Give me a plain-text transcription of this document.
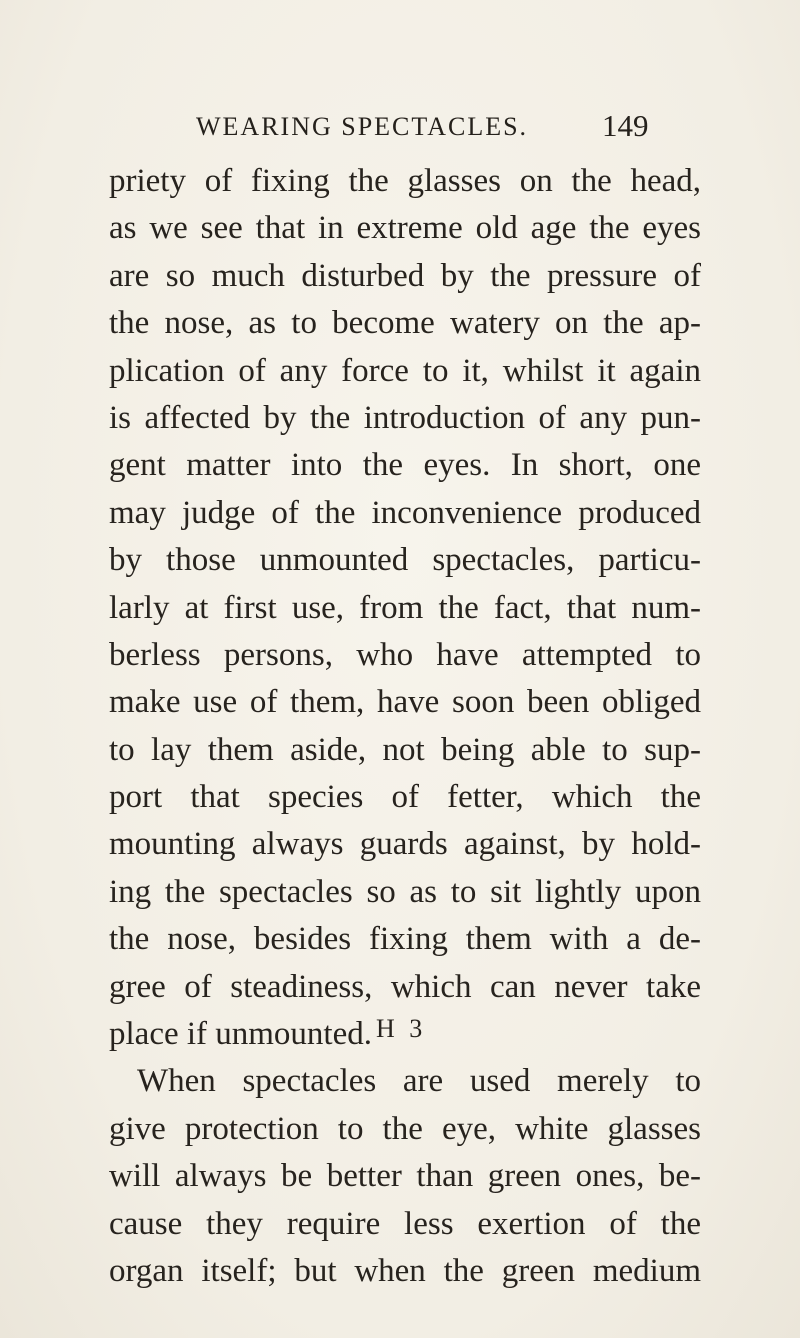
WEARING SPECTACLES. 149
priety of fixing the glasses on the head,
as we see that in extreme old age the eyes
are so much disturbed by the pressure of
the nose, as to become watery on the ap-
plication of any force to it, whilst it again
is affected by the introduction of any pun-
gent matter into the eyes. In short, one
may judge of the inconvenience produced
by those unmounted spectacles, particu-
larly at first use, from the fact, that num-
berless persons, who have attempted to
make use of them, have soon been obliged
to lay them aside, not being able to sup-
port that species of fetter, which the
mounting always guards against, by hold-
ing the spectacles so as to sit lightly upon
the nose, besides fixing them with a de-
gree of steadiness, which can never take
place if unmounted.
When spectacles are used merely to
give protection to the eye, white glasses
will always be better than green ones, be-
cause they require less exertion of the
organ itself; but when the green medium
H 3
